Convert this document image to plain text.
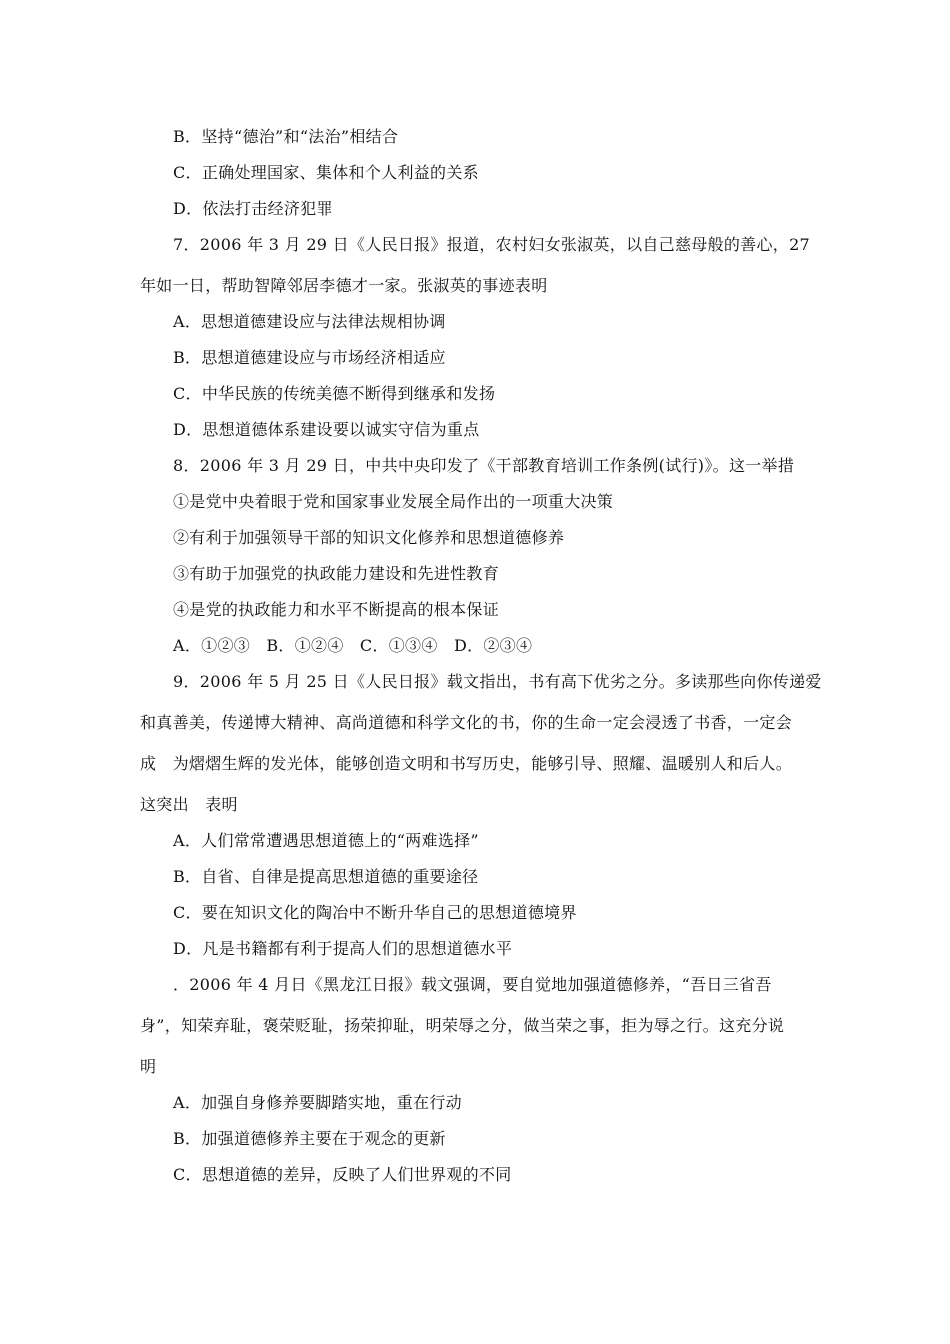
B．坚持“德治”和“法治”相结合
C．正确处理国家、集体和个人利益的关系
D．依法打击经济犯罪
7．2006 年 3 月 29 日《人民日报》报道，农村妇女张淑英，以自己慈母般的善心，27
年如一日，帮助智障邻居李德才一家。张淑英的事迹表明
A．思想道德建设应与法律法规相协调
B．思想道德建设应与市场经济相适应
C．中华民族的传统美德不断得到继承和发扬
D．思想道德体系建设要以诚实守信为重点
8．2006 年 3 月 29 日，中共中央印发了《干部教育培训工作条例(试行)》。这一举措
①是党中央着眼于党和国家事业发展全局作出的一项重大决策
②有利于加强领导干部的知识文化修养和思想道德修养
③有助于加强党的执政能力建设和先进性教育
④是党的执政能力和水平不断提高的根本保证
A．①②③　B．①②④　C．①③④　D．②③④
9．2006 年 5 月 25 日《人民日报》载文指出，书有高下优劣之分。多读那些向你传递爱
和真善美，传递博大精神、高尚道德和科学文化的书，你的生命一定会浸透了书香，一定会
成　为熠熠生辉的发光体，能够创造文明和书写历史，能够引导、照耀、温暖别人和后人。
这突出　表明
A．人们常常遭遇思想道德上的“两难选择”
B．自省、自律是提高思想道德的重要途径
C．要在知识文化的陶冶中不断升华自己的思想道德境界
D．凡是书籍都有利于提高人们的思想道德水平
．2006 年 4 月日《黑龙江日报》载文强调，要自觉地加强道德修养，“吾日三省吾
身”，知荣弃耻，褒荣贬耻，扬荣抑耻，明荣辱之分，做当荣之事，拒为辱之行。这充分说
明
A．加强自身修养要脚踏实地，重在行动
B．加强道德修养主要在于观念的更新
C．思想道德的差异，反映了人们世界观的不同
